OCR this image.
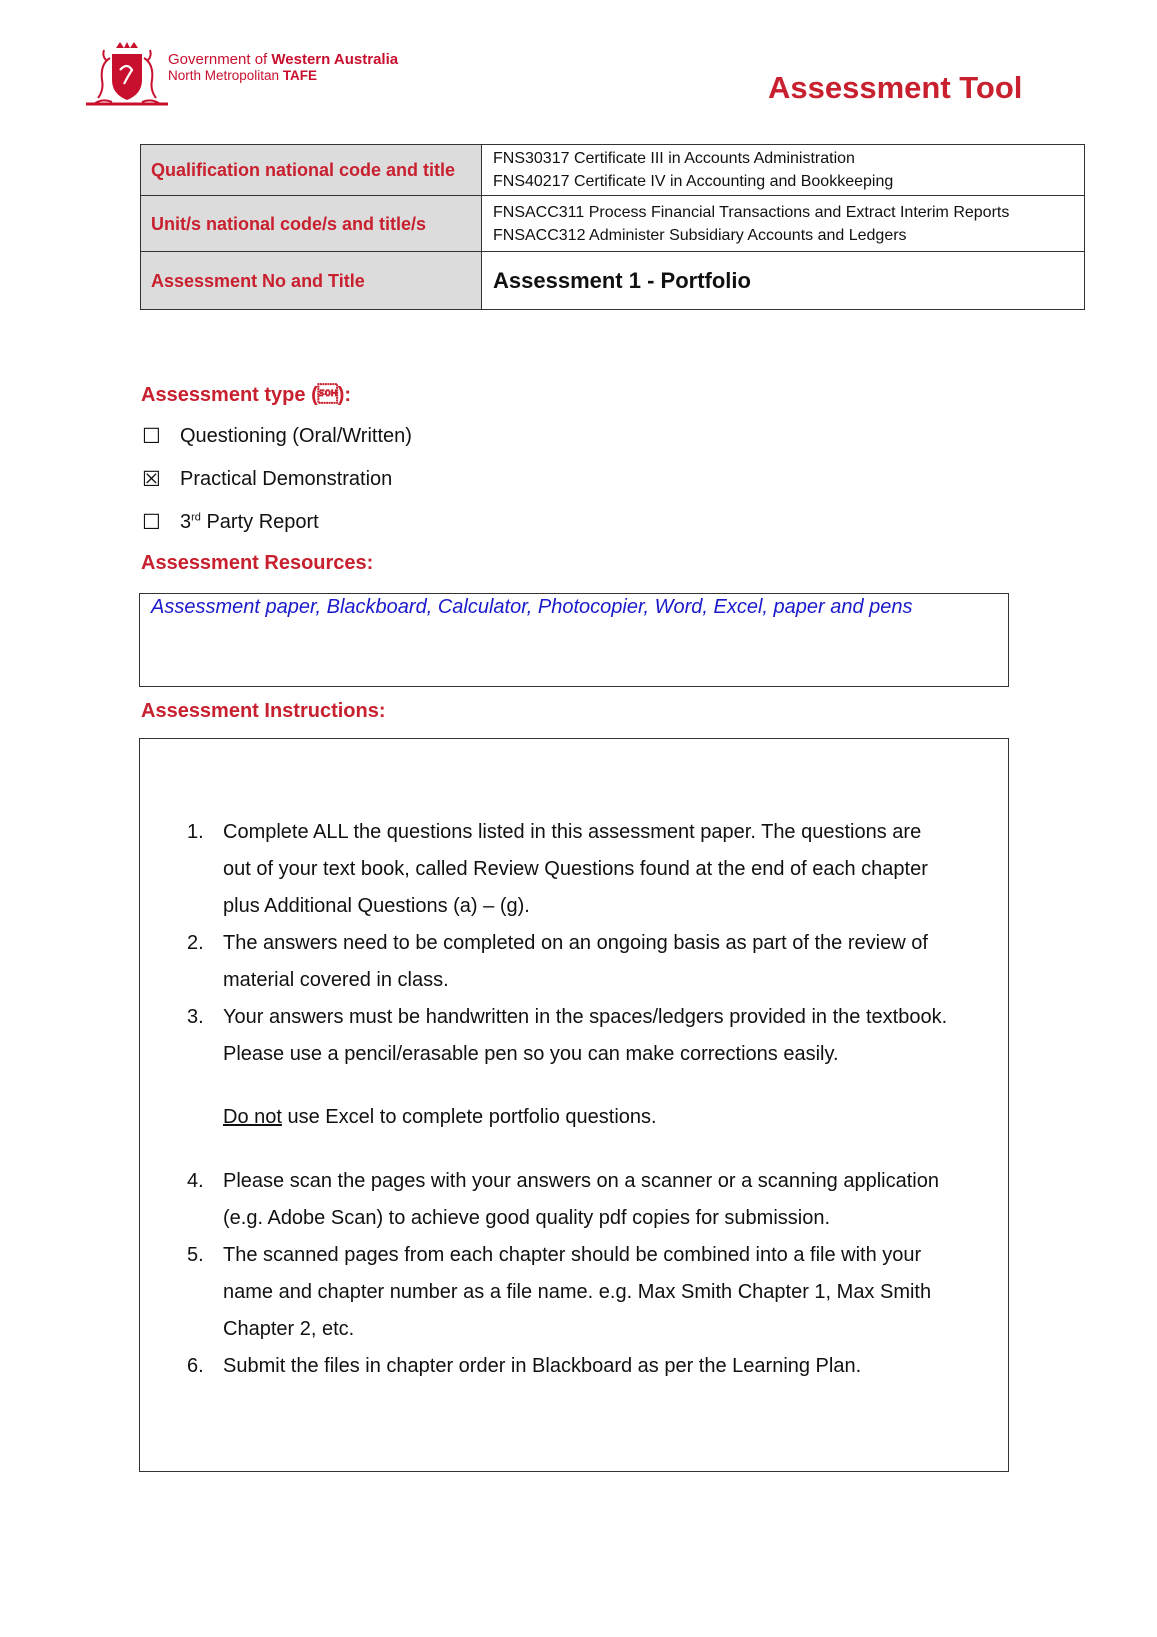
Government of Western Australia
North Metropolitan TAFE	Assessment Tool
Qualification national code and title	FNS30317 Certificate III in Accounts Administration
FNS40217 Certificate IV in Accounting and Bookkeeping

Unit/s national code/s and title/s	FNSACC311 Process Financial Transactions and Extract Interim Reports
FNSACC312 Administer Subsidiary Accounts and Ledgers

Assessment No and Title	Assessment 1 - Portfolio
Assessment type ():
☐ Questioning (Oral/Written)
☒ Practical Demonstration
☐ 3rd Party Report
Assessment Resources:
Assessment paper, Blackboard, Calculator, Photocopier, Word, Excel, paper and pens
Assessment Instructions:
1. Complete ALL the questions listed in this assessment paper. The questions are
out of your text book, called Review Questions found at the end of each chapter
plus Additional Questions (a) – (g).
2. The answers need to be completed on an ongoing basis as part of the review of
material covered in class.
3. Your answers must be handwritten in the spaces/ledgers provided in the textbook.
Please use a pencil/erasable pen so you can make corrections easily.
Do not use Excel to complete portfolio questions.
4. Please scan the pages with your answers on a scanner or a scanning application
(e.g. Adobe Scan) to achieve good quality pdf copies for submission.
5. The scanned pages from each chapter should be combined into a file with your
name and chapter number as a file name. e.g. Max Smith Chapter 1, Max Smith
Chapter 2, etc.
6. Submit the files in chapter order in Blackboard as per the Learning Plan.
